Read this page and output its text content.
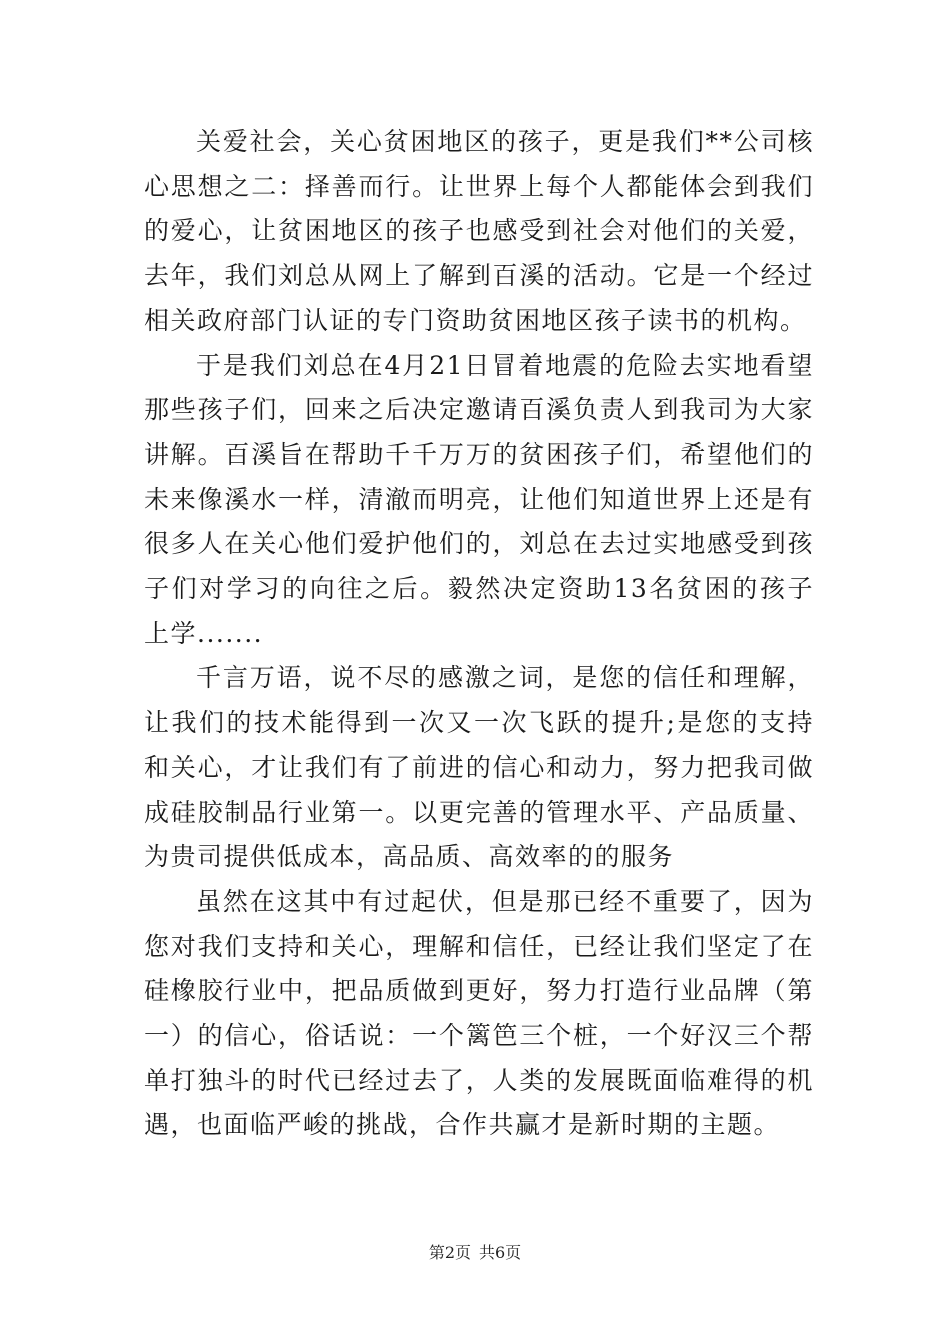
关爱社会，关心贫困地区的孩子，更是我们**公司核心思想之二：择善而行。让世界上每个人都能体会到我们的爱心，让贫困地区的孩子也感受到社会对他们的关爱，去年，我们刘总从网上了解到百溪的活动。它是一个经过相关政府部门认证的专门资助贫困地区孩子读书的机构。

于是我们刘总在4月21日冒着地震的危险去实地看望那些孩子们，回来之后决定邀请百溪负责人到我司为大家讲解。百溪旨在帮助千千万万的贫困孩子们，希望他们的未来像溪水一样，清澈而明亮，让他们知道世界上还是有很多人在关心他们爱护他们的，刘总在去过实地感受到孩子们对学习的向往之后。毅然决定资助13名贫困的孩子上学.......

千言万语，说不尽的感激之词，是您的信任和理解，让我们的技术能得到一次又一次飞跃的提升;是您的支持和关心，才让我们有了前进的信心和动力，努力把我司做成硅胶制品行业第一。以更完善的管理水平、产品质量、为贵司提供低成本，高品质、高效率的的服务

虽然在这其中有过起伏，但是那已经不重要了，因为您对我们支持和关心，理解和信任，已经让我们坚定了在硅橡胶行业中，把品质做到更好，努力打造行业品牌（第一）的信心，俗话说：一个篱笆三个桩，一个好汉三个帮单打独斗的时代已经过去了，人类的发展既面临难得的机遇，也面临严峻的挑战，合作共赢才是新时期的主题。

第2页 共6页
